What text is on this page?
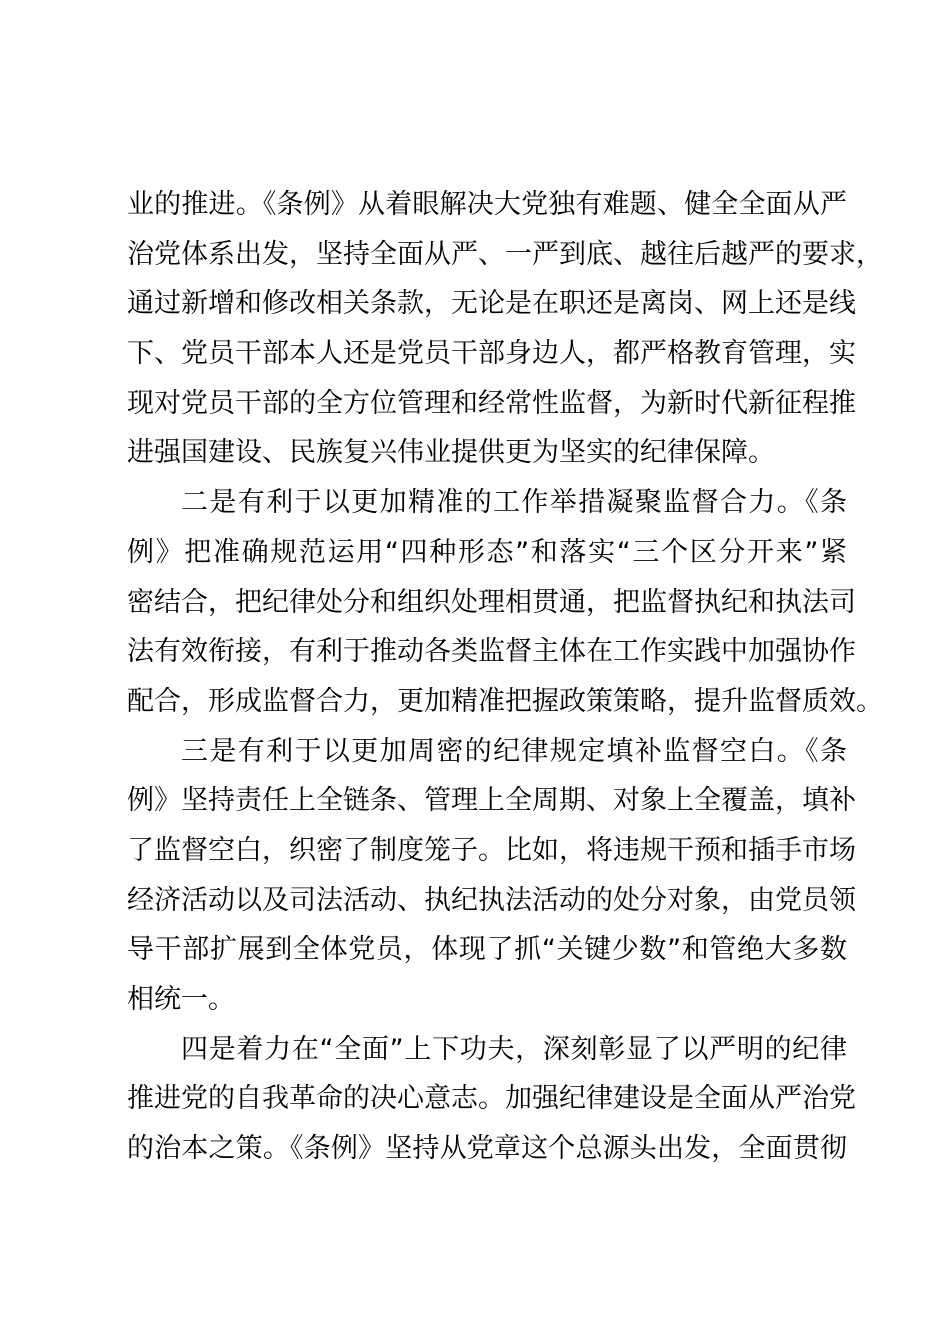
业的推进。《条例》从着眼解决大党独有难题、健全全面从严
治党体系出发，坚持全面从严、一严到底、越往后越严的要求，
通过新增和修改相关条款，无论是在职还是离岗、网上还是线
下、党员干部本人还是党员干部身边人，都严格教育管理，实
现对党员干部的全方位管理和经常性监督，为新时代新征程推
进强国建设、民族复兴伟业提供更为坚实的纪律保障。
二是有利于以更加精准的工作举措凝聚监督合力。《条
例》把准确规范运用“四种形态”和落实“三个区分开来”紧
密结合，把纪律处分和组织处理相贯通，把监督执纪和执法司
法有效衔接，有利于推动各类监督主体在工作实践中加强协作
配合，形成监督合力，更加精准把握政策策略，提升监督质效。
三是有利于以更加周密的纪律规定填补监督空白。《条
例》坚持责任上全链条、管理上全周期、对象上全覆盖，填补
了监督空白，织密了制度笼子。比如，将违规干预和插手市场
经济活动以及司法活动、执纪执法活动的处分对象，由党员领
导干部扩展到全体党员，体现了抓“关键少数”和管绝大多数
相统一。
四是着力在“全面”上下功夫，深刻彰显了以严明的纪律
推进党的自我革命的决心意志。加强纪律建设是全面从严治党
的治本之策。《条例》坚持从党章这个总源头出发，全面贯彻
